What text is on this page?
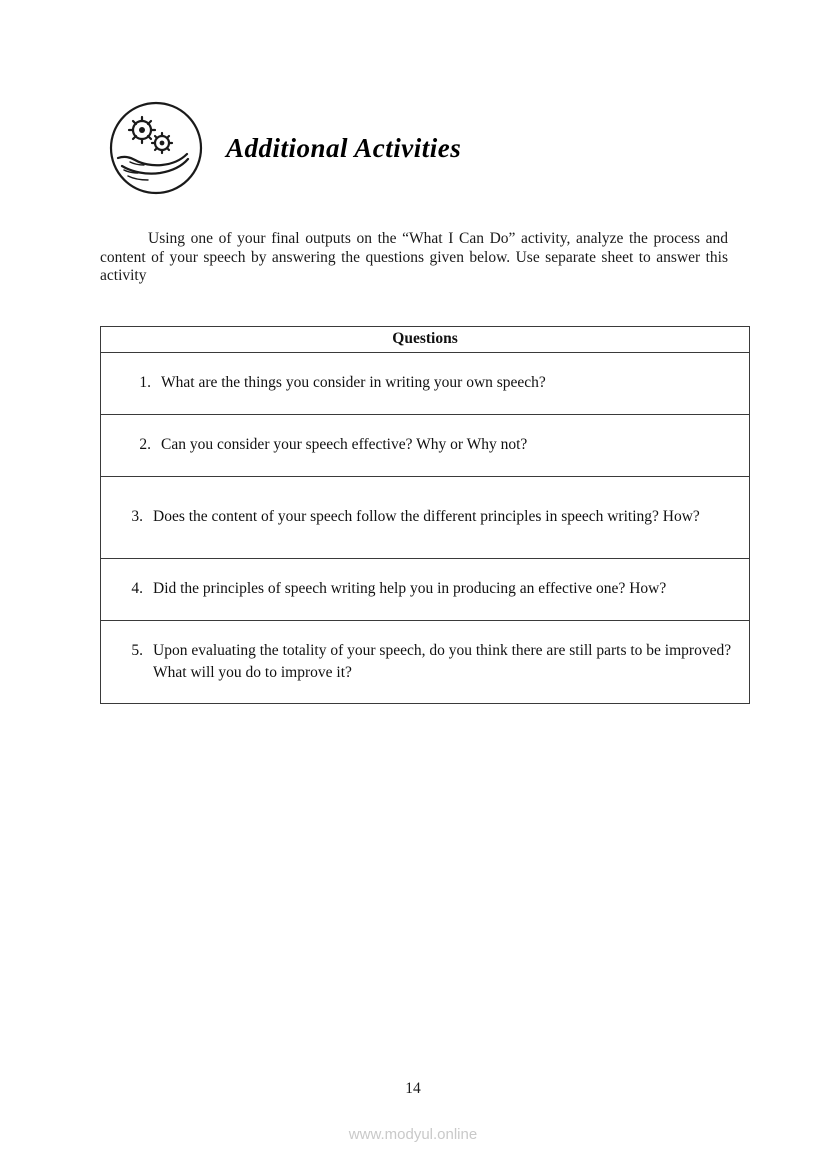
Additional Activities

Using one of your final outputs on the “What I Can Do” activity, analyze the process and content of your speech by answering the questions given below. Use separate sheet to answer this activity

Questions
1. What are the things you consider in writing your own speech?
2. Can you consider your speech effective? Why or Why not?
3. Does the content of your speech follow the different principles in speech writing? How?
4. Did the principles of speech writing help you in producing an effective one? How?
5. Upon evaluating the totality of your speech, do you think there are still parts to be improved? What will you do to improve it?
14
www.modyul.online
